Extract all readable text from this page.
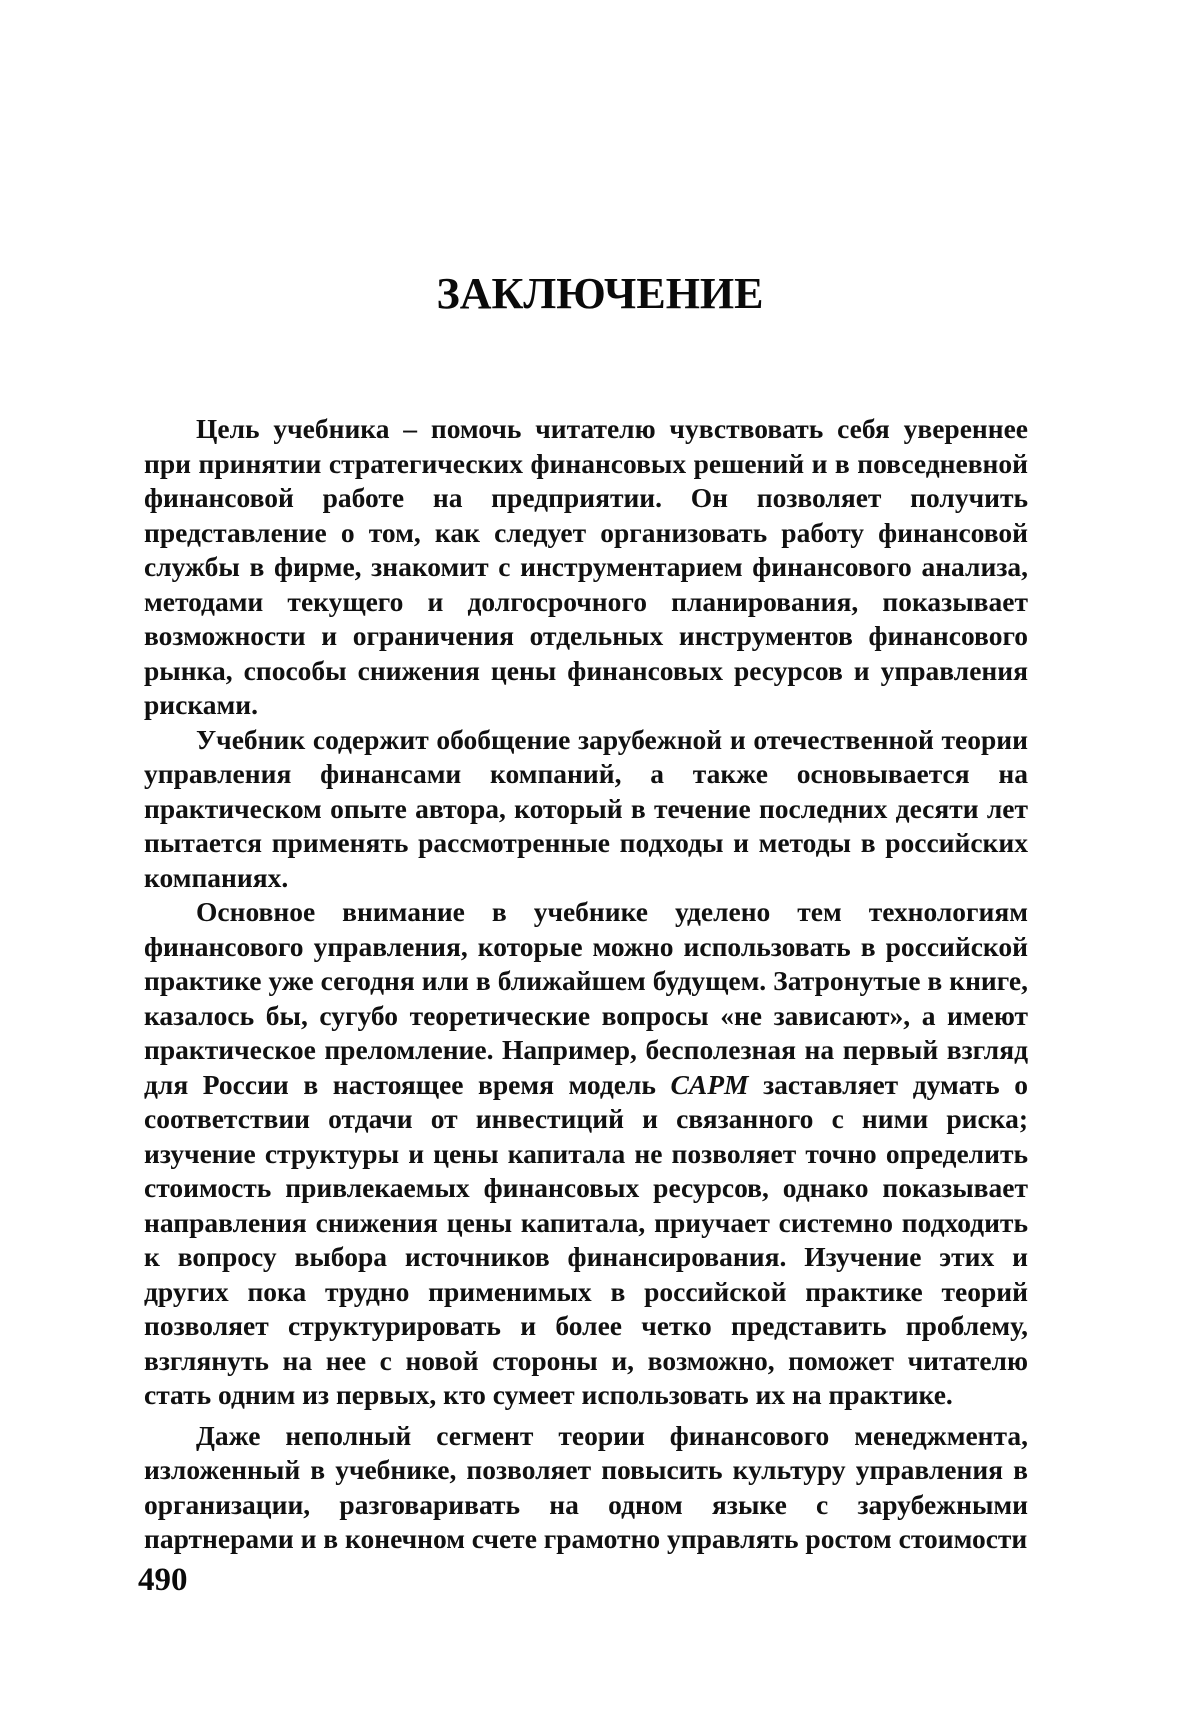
ЗАКЛЮЧЕНИЕ

Цель учебника – помочь читателю чувствовать себя увереннее при принятии стратегических финансовых решений и в повседневной финансовой работе на предприятии. Он позволяет получить представление о том, как следует организовать работу финансовой службы в фирме, знакомит с инструментарием финансового анализа, методами текущего и долгосрочного планирования, показывает возможности и ограничения отдельных инструментов финансового рынка, способы снижения цены финансовых ресурсов и управления рисками.

Учебник содержит обобщение зарубежной и отечественной теории управления финансами компаний, а также основывается на практическом опыте автора, который в течение последних десяти лет пытается применять рассмотренные подходы и методы в российских компаниях.

Основное внимание в учебнике уделено тем технологиям финансового управления, которые можно использовать в российской практике уже сегодня или в ближайшем будущем. Затронутые в книге, казалось бы, сугубо теоретические вопросы «не зависают», а имеют практическое преломление. Например, бесполезная на первый взгляд для России в настоящее время модель CAPM заставляет думать о соответствии отдачи от инвестиций и связанного с ними риска; изучение структуры и цены капитала не позволяет точно определить стоимость привлекаемых финансовых ресурсов, однако показывает направления снижения цены капитала, приучает системно подходить к вопросу выбора источников финансирования. Изучение этих и других пока трудно применимых в российской практике теорий позволяет структурировать и более четко представить проблему, взглянуть на нее с новой стороны и, возможно, поможет читателю стать одним из первых, кто сумеет использовать их на практике.

Даже неполный сегмент теории финансового менеджмента, изложенный в учебнике, позволяет повысить культуру управления в организации, разговаривать на одном языке с зарубежными партнерами и в конечном счете грамотно управлять ростом стоимости

490
